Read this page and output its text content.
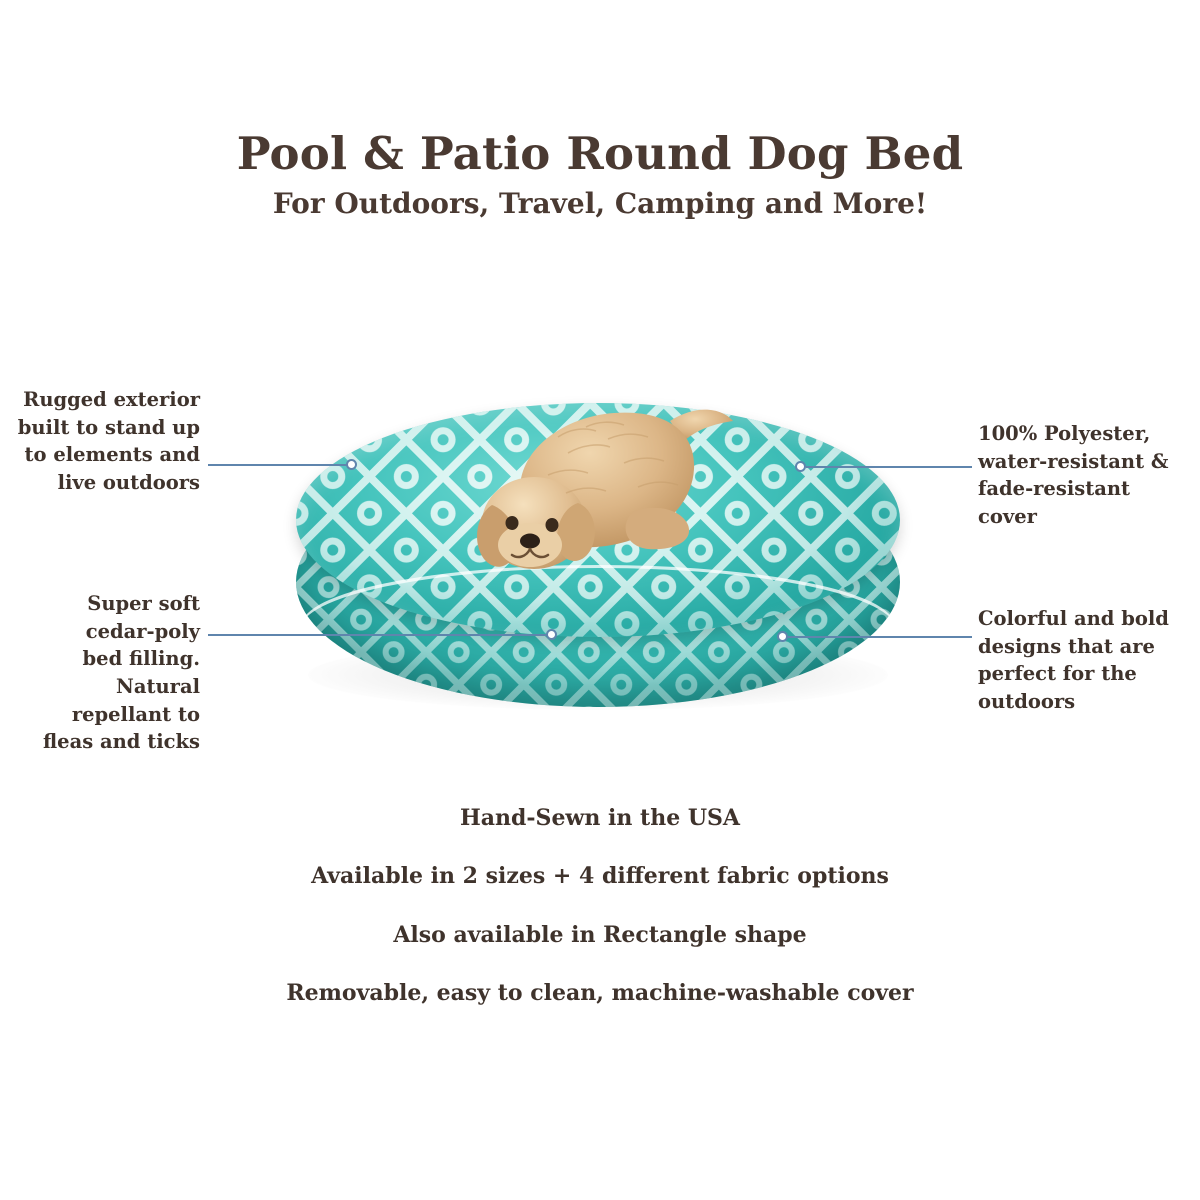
Pool & Patio Round Dog Bed

For Outdoors, Travel, Camping and More!

Rugged exterior built to stand up to elements and live outdoors
Super soft cedar-poly bed filling. Natural repellant to fleas and ticks
100% Polyester, water-resistant & fade-resistant cover
Colorful and bold designs that are perfect for the outdoors

Hand-Sewn in the USA

Available in 2 sizes + 4 different fabric options

Also available in Rectangle shape

Removable, easy to clean, machine-washable cover
